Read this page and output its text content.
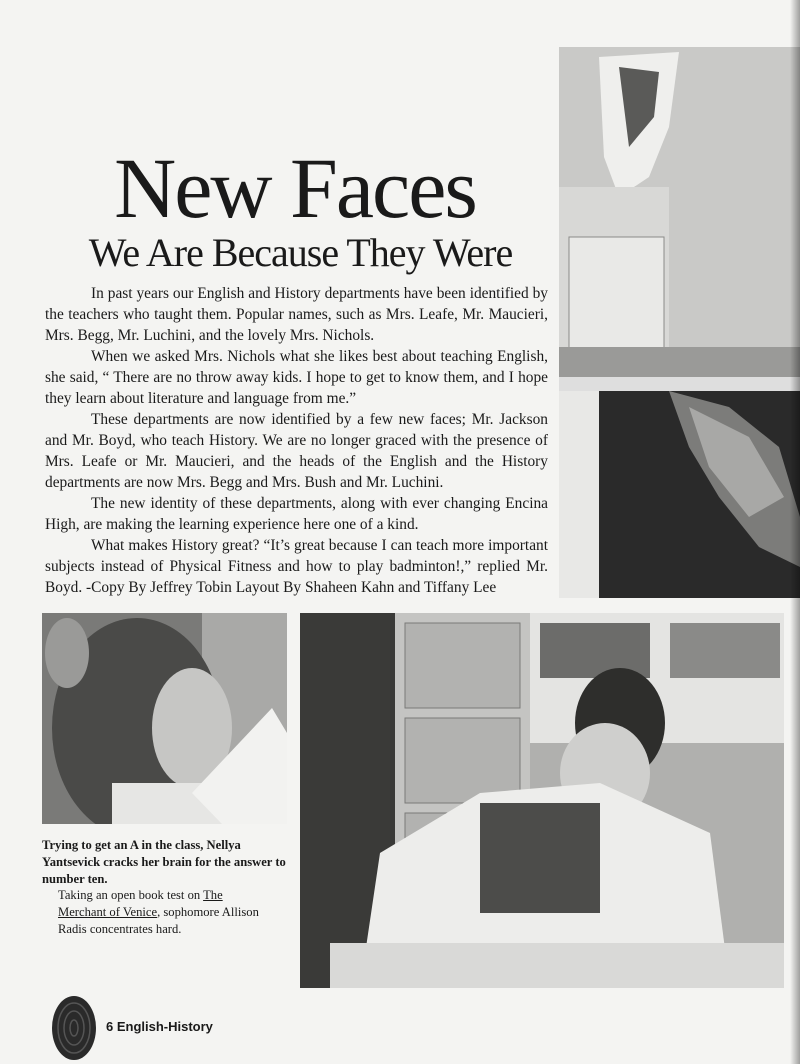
New Faces
We Are Because They Were

In past years our English and History departments have been identified by the teachers who taught them. Popular names, such as Mrs. Leafe, Mr. Maucieri, Mrs. Begg, Mr. Luchini, and the lovely Mrs. Nichols.

When we asked Mrs. Nichols what she likes best about teaching English, she said, “ There are no throw away kids. I hope to get to know them, and I hope they learn about literature and language from me.”

These departments are now identified by a few new faces; Mr. Jackson and Mr. Boyd, who teach History. We are no longer graced with the presence of Mrs. Leafe or Mr. Maucieri, and the heads of the English and the History departments are now Mrs. Begg and Mrs. Bush and Mr. Luchini.

The new identity of these departments, along with ever changing Encina High, are making the learning experience here one of a kind.

What makes History great? “It’s great because I can teach more important subjects instead of Physical Fitness and how to play badminton!,” replied Mr. Boyd. -Copy By Jeffrey Tobin Layout By Shaheen Kahn and Tiffany Lee

Trying to get an A in the class, Nellya Yantsevick cracks her brain for the answer to number ten.

Taking an open book test on The Merchant of Venice, sophomore Allison Radis concentrates hard.

6 English-History
